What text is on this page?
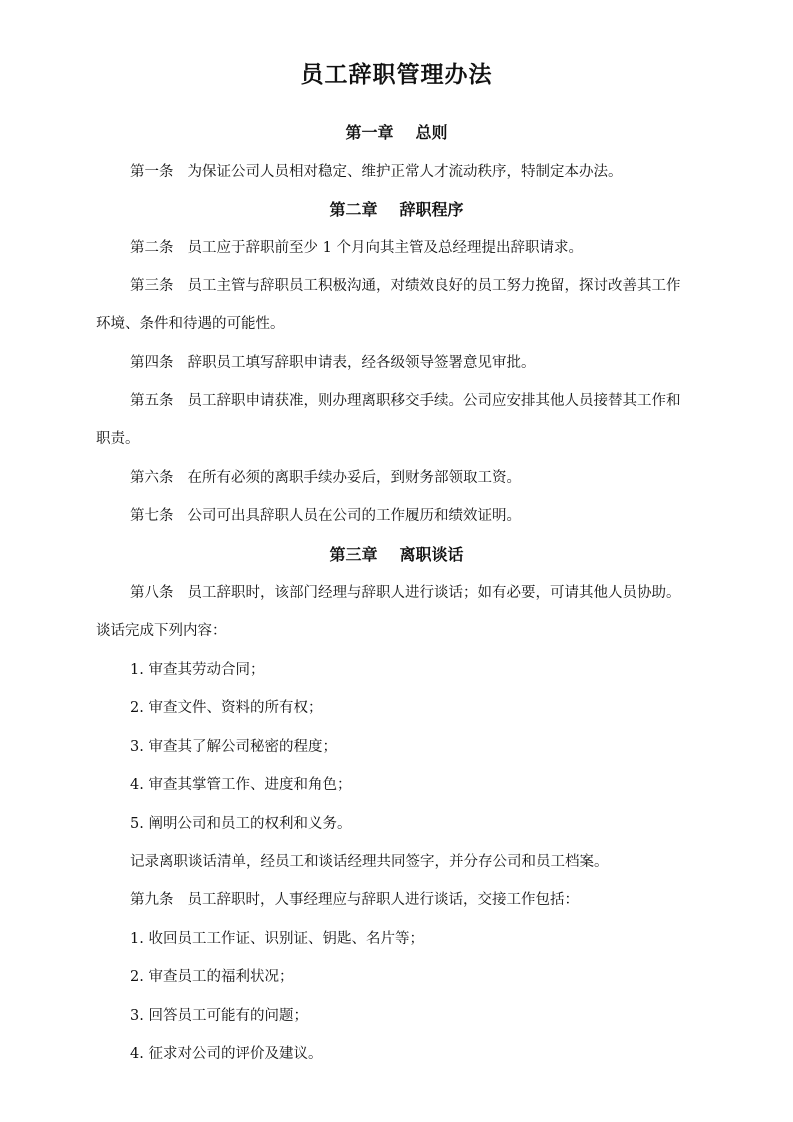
员工辞职管理办法
第一章 总则
第一条 为保证公司人员相对稳定、维护正常人才流动秩序，特制定本办法。
第二章 辞职程序
第二条 员工应于辞职前至少 1 个月向其主管及总经理提出辞职请求。
第三条 员工主管与辞职员工积极沟通，对绩效良好的员工努力挽留，探讨改善其工作
环境、条件和待遇的可能性。
第四条 辞职员工填写辞职申请表，经各级领导签署意见审批。
第五条 员工辞职申请获准，则办理离职移交手续。公司应安排其他人员接替其工作和
职责。
第六条 在所有必须的离职手续办妥后，到财务部领取工资。
第七条 公司可出具辞职人员在公司的工作履历和绩效证明。
第三章 离职谈话
第八条 员工辞职时，该部门经理与辞职人进行谈话；如有必要，可请其他人员协助。
谈话完成下列内容：
1. 审查其劳动合同；
2. 审查文件、资料的所有权；
3. 审查其了解公司秘密的程度；
4. 审查其掌管工作、进度和角色；
5. 阐明公司和员工的权利和义务。
记录离职谈话清单，经员工和谈话经理共同签字，并分存公司和员工档案。
第九条 员工辞职时，人事经理应与辞职人进行谈话，交接工作包括：
1. 收回员工工作证、识别证、钥匙、名片等；
2. 审查员工的福利状况；
3. 回答员工可能有的问题；
4. 征求对公司的评价及建议。
